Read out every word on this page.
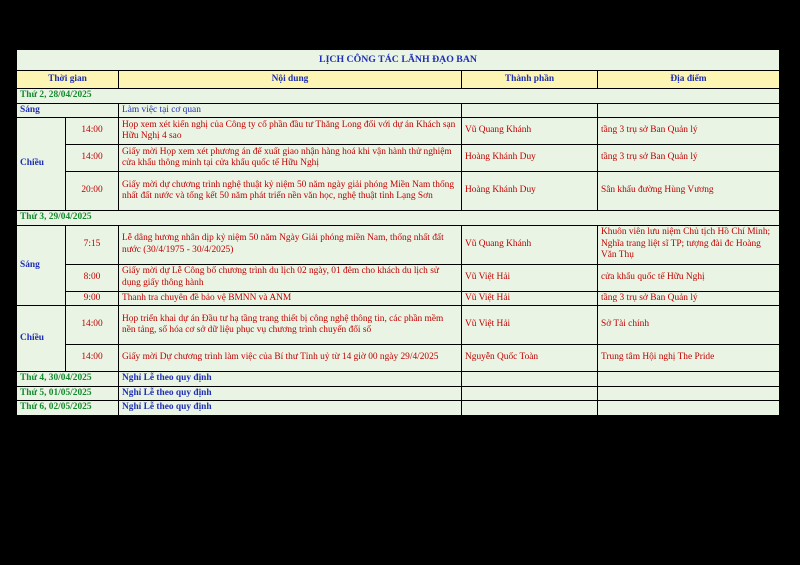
LỊCH CÔNG TÁC LÃNH ĐẠO BAN				
Thời gian		Nội dung	Thành phần	Địa điểm
Thứ 2, 28/04/2025				
Sáng		Làm việc tại cơ quan		
Chiều	14:00	Họp xem xét kiến nghị của Công ty cổ phần đầu tư Thăng Long đối với dự án Khách sạn Hữu Nghị 4 sao	Vũ Quang Khánh	tầng 3 trụ sở Ban Quản lý
	14:00	Giấy mời Họp xem xét phương án để xuất giao nhận hàng hoá khi vận hành thử nghiệm cửa khẩu thông minh tại cửa khẩu quốc tế Hữu Nghị	Hoàng Khánh Duy	tầng 3 trụ sở Ban Quản lý
	20:00	Giấy mời dự chương trình nghệ thuật kỷ niệm 50 năm ngày giải phóng Miền Nam thống nhất đất nước và tổng kết 50 năm phát triển nền văn học, nghệ thuật tỉnh Lạng Sơn	Hoàng Khánh Duy	Sân khấu đường Hùng Vương
Thứ 3, 29/04/2025				
Sáng	7:15	Lễ dâng hương nhân dịp kỷ niệm 50 năm Ngày Giải phóng miền Nam, thống nhất đất nước (30/4/1975 - 30/4/2025)	Vũ Quang Khánh	Khuôn viên lưu niệm Chủ tịch Hồ Chí Minh; Nghĩa trang liệt sĩ TP; tượng đài đc Hoàng Văn Thụ
	8:00	Giấy mời dự Lễ Công bố chương trình du lịch 02 ngày, 01 đêm cho khách du lịch sử dụng giấy thông hành	Vũ Việt Hải	cửa khẩu quốc tế Hữu Nghị
	9:00	Thanh tra chuyên đề bảo vệ BMNN và ANM	Vũ Việt Hải	tầng 3 trụ sở Ban Quản lý
Chiều	14:00	Họp triển khai dự án Đầu tư hạ tầng trang thiết bị công nghệ thông tin, các phần mềm nền tảng, số hóa cơ sở dữ liệu phục vụ chương trình chuyển đổi số	Vũ Việt Hải	Sở Tài chính
	14:00	Giấy mời Dự chương trình làm việc của Bí thư Tỉnh uỷ từ 14 giờ 00 ngày 29/4/2025	Nguyễn Quốc Toàn	Trung tâm Hội nghị The Pride
Thứ 4, 30/04/2025		Nghỉ Lễ theo quy định		
Thứ 5, 01/05/2025		Nghỉ Lễ theo quy định		
Thứ 6, 02/05/2025		Nghỉ Lễ theo quy định		
